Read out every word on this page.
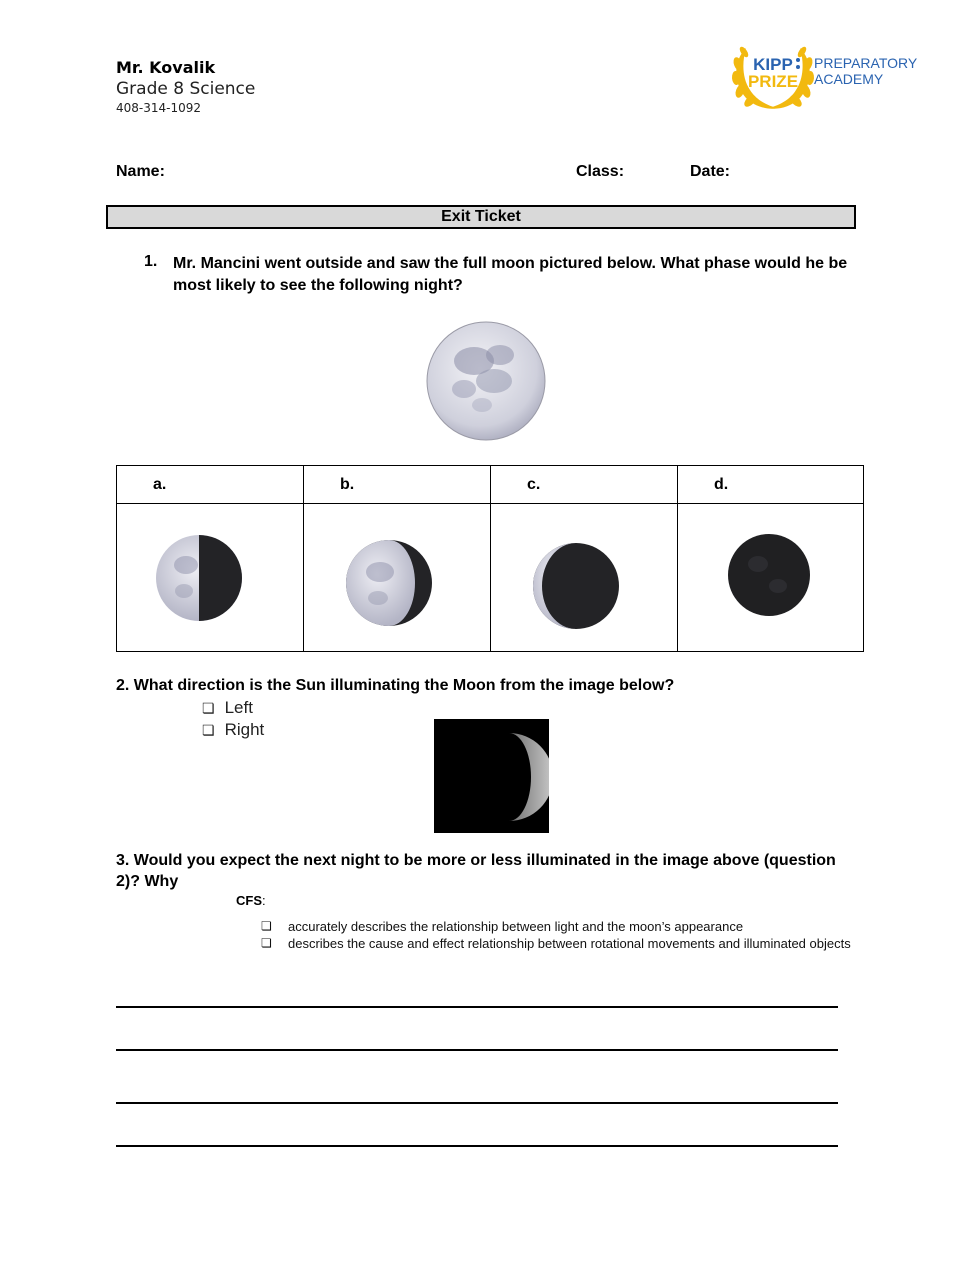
Mr. Kovalik
Grade 8 Science
408-314-1092
KIPP
PRIZE
PREPARATORY
ACADEMY
Name:	Class:	Date:
Exit Ticket
1. Mr. Mancini went outside and saw the full moon pictured below. What phase would he be most likely to see the following night?
a.	b.	c.	d.

2. What direction is the Sun illuminating the Moon from the image below?
❏ Left
❏ Right
3. Would you expect the next night to be more or less illuminated in the image above (question 2)? Why
CFS:
❏ accurately describes the relationship between light and the moon’s appearance
❏ describes the cause and effect relationship between rotational movements and illuminated objects
